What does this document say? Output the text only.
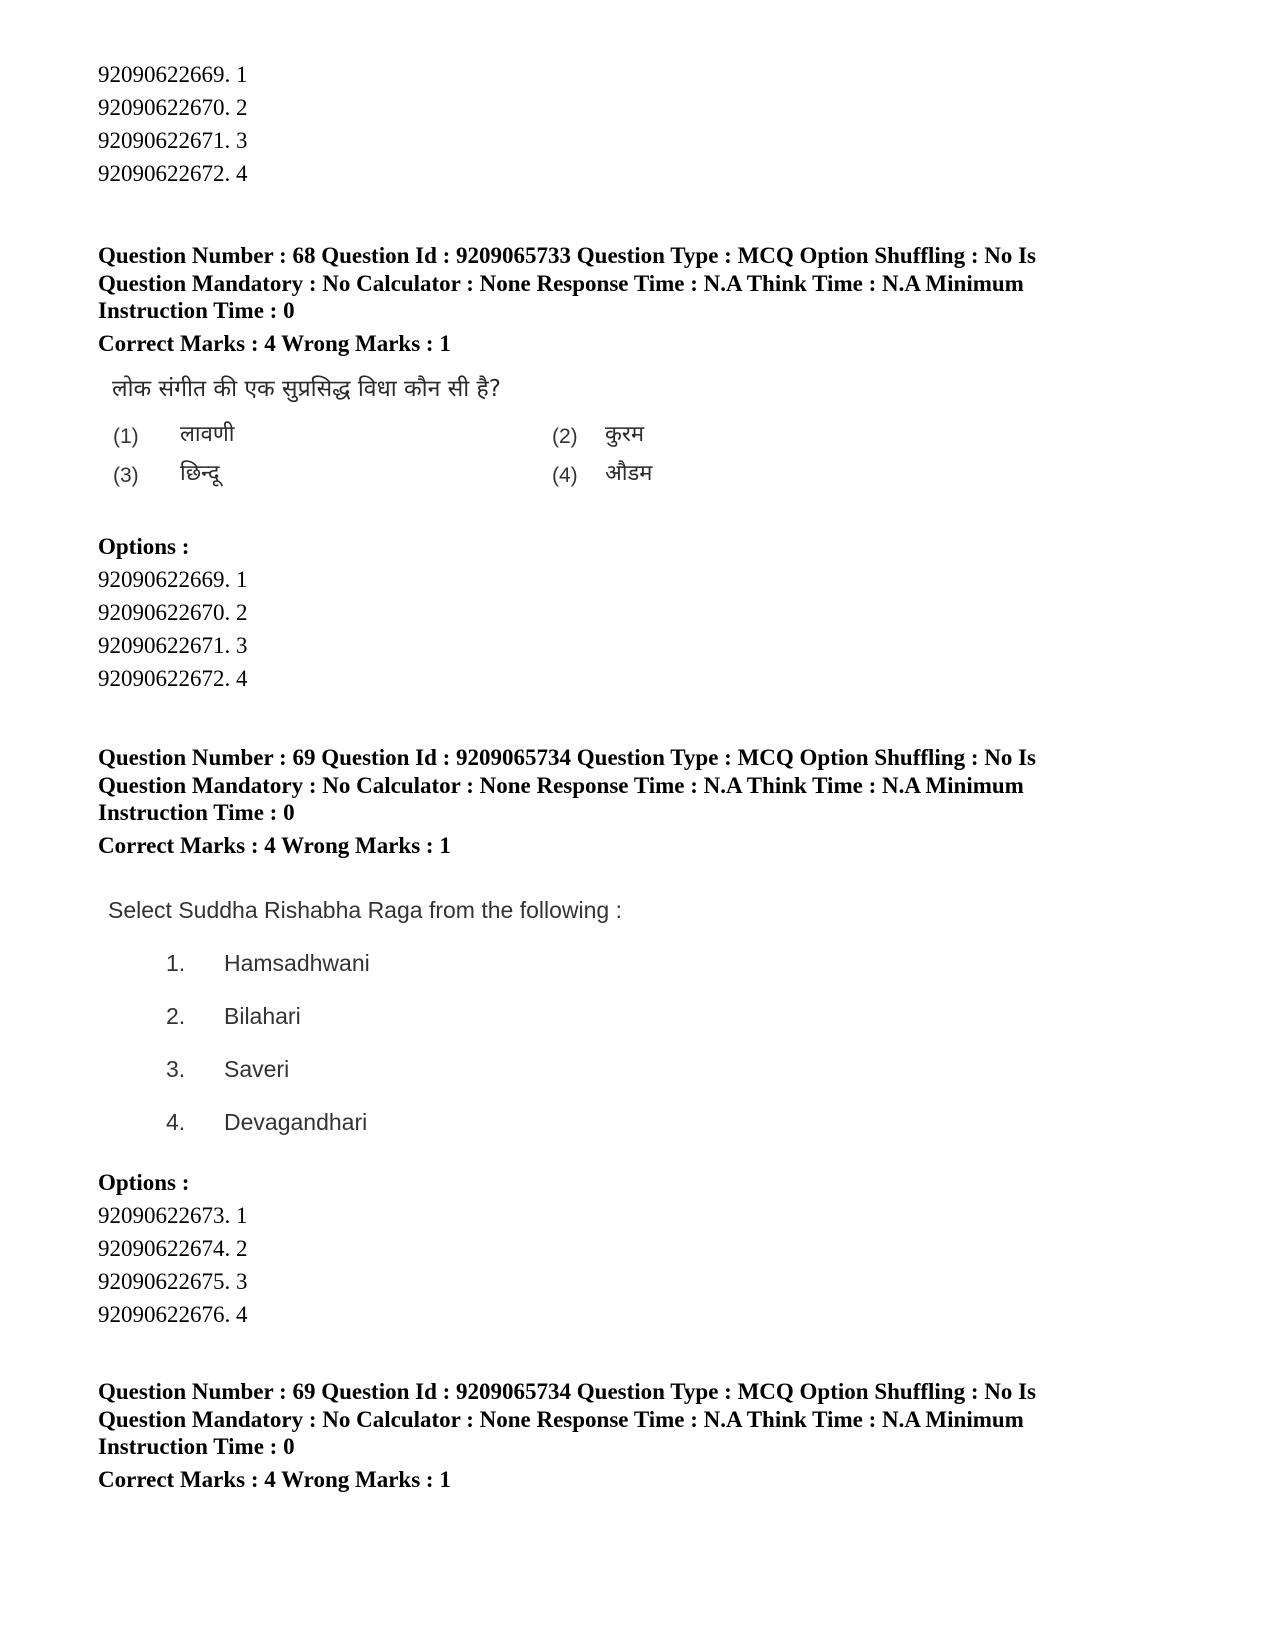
92090622669. 1
92090622670. 2
92090622671. 3
92090622672. 4
Question Number : 68 Question Id : 9209065733 Question Type : MCQ Option Shuffling : No Is
Question Mandatory : No Calculator : None Response Time : N.A Think Time : N.A Minimum
Instruction Time : 0
Correct Marks : 4 Wrong Marks : 1
लोक संगीत की एक सुप्रसिद्ध विधा कौन सी है?
(1) लावणी	(2) कुरम
(3) छिन्दू	(4) औडम
Options :
92090622669. 1
92090622670. 2
92090622671. 3
92090622672. 4
Question Number : 69 Question Id : 9209065734 Question Type : MCQ Option Shuffling : No Is
Question Mandatory : No Calculator : None Response Time : N.A Think Time : N.A Minimum
Instruction Time : 0
Correct Marks : 4 Wrong Marks : 1
Select Suddha Rishabha Raga from the following :
1. Hamsadhwani
2. Bilahari
3. Saveri
4. Devagandhari
Options :
92090622673. 1
92090622674. 2
92090622675. 3
92090622676. 4
Question Number : 69 Question Id : 9209065734 Question Type : MCQ Option Shuffling : No Is
Question Mandatory : No Calculator : None Response Time : N.A Think Time : N.A Minimum
Instruction Time : 0
Correct Marks : 4 Wrong Marks : 1
